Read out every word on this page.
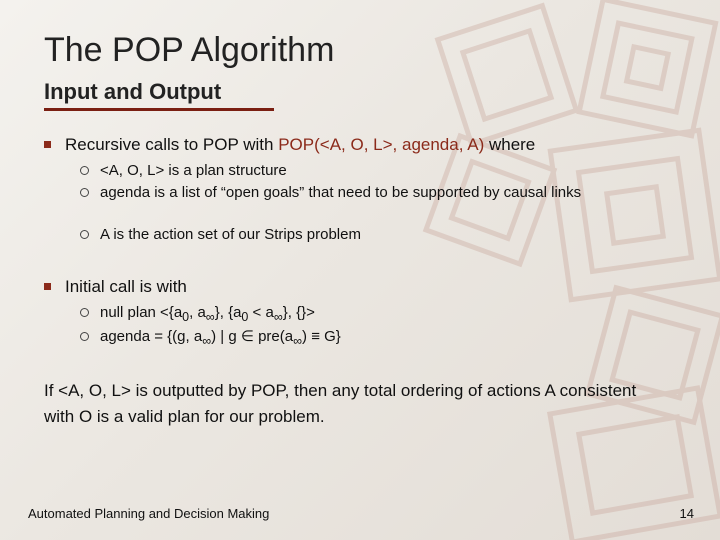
The POP Algorithm
Input and Output
Recursive calls to POP with POP(<A, O, L>, agenda, A) where
<A, O, L> is a plan structure
agenda is a list of “open goals” that need to be supported by causal links
A is the action set of our Strips problem
Initial call is with
null plan $<\{a_0$, $a_\infty$}, $\{a_0 < a_\infty\}$, {}>
agenda = {(g, $a_\infty$) | g ∈ $pre(a_\infty) \equiv G$}
If <A, O, L> is outputted by POP, then any total ordering of actions A consistent with O is a valid plan for our problem.
Automated Planning and Decision Making	14
